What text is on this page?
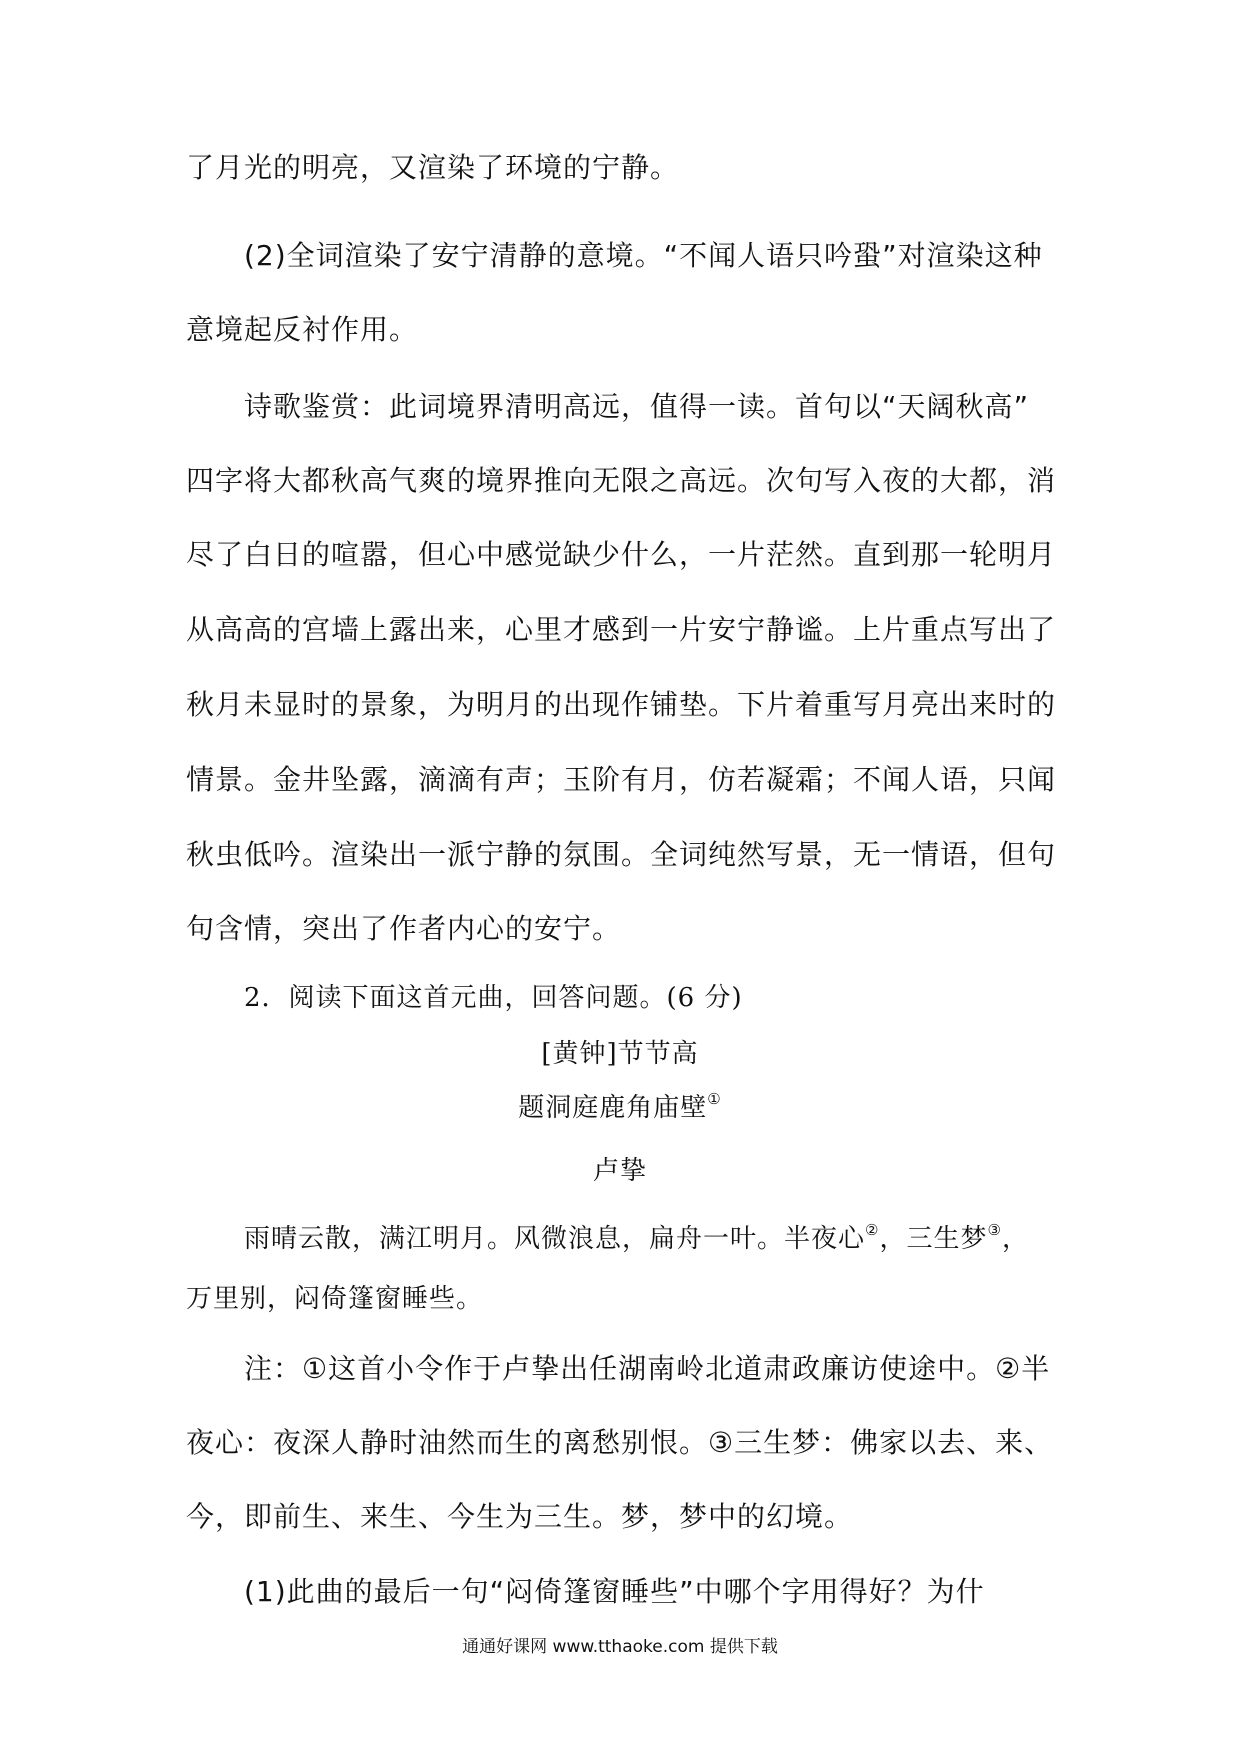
了月光的明亮，又渲染了环境的宁静。
(2)全词渲染了安宁清静的意境。“不闻人语只吟蛩”对渲染这种
意境起反衬作用。
诗歌鉴赏：此词境界清明高远，值得一读。首句以“天阔秋高”
四字将大都秋高气爽的境界推向无限之高远。次句写入夜的大都，消
尽了白日的喧嚣，但心中感觉缺少什么，一片茫然。直到那一轮明月
从高高的宫墙上露出来，心里才感到一片安宁静谧。上片重点写出了
秋月未显时的景象，为明月的出现作铺垫。下片着重写月亮出来时的
情景。金井坠露，滴滴有声；玉阶有月，仿若凝霜；不闻人语，只闻
秋虫低吟。渲染出一派宁静的氛围。全词纯然写景，无一情语，但句
句含情，突出了作者内心的安宁。
2．阅读下面这首元曲，回答问题。(6 分)
[黄钟]节节高
题洞庭鹿角庙壁①
卢挚
雨晴云散，满江明月。风微浪息，扁舟一叶。半夜心②，三生梦③，
万里别，闷倚篷窗睡些。
注：①这首小令作于卢挚出任湖南岭北道肃政廉访使途中。②半
夜心：夜深人静时油然而生的离愁别恨。③三生梦：佛家以去、来、
今，即前生、来生、今生为三生。梦，梦中的幻境。
(1)此曲的最后一句“闷倚篷窗睡些”中哪个字用得好？为什
通通好课网 www.tthaoke.com 提供下载
